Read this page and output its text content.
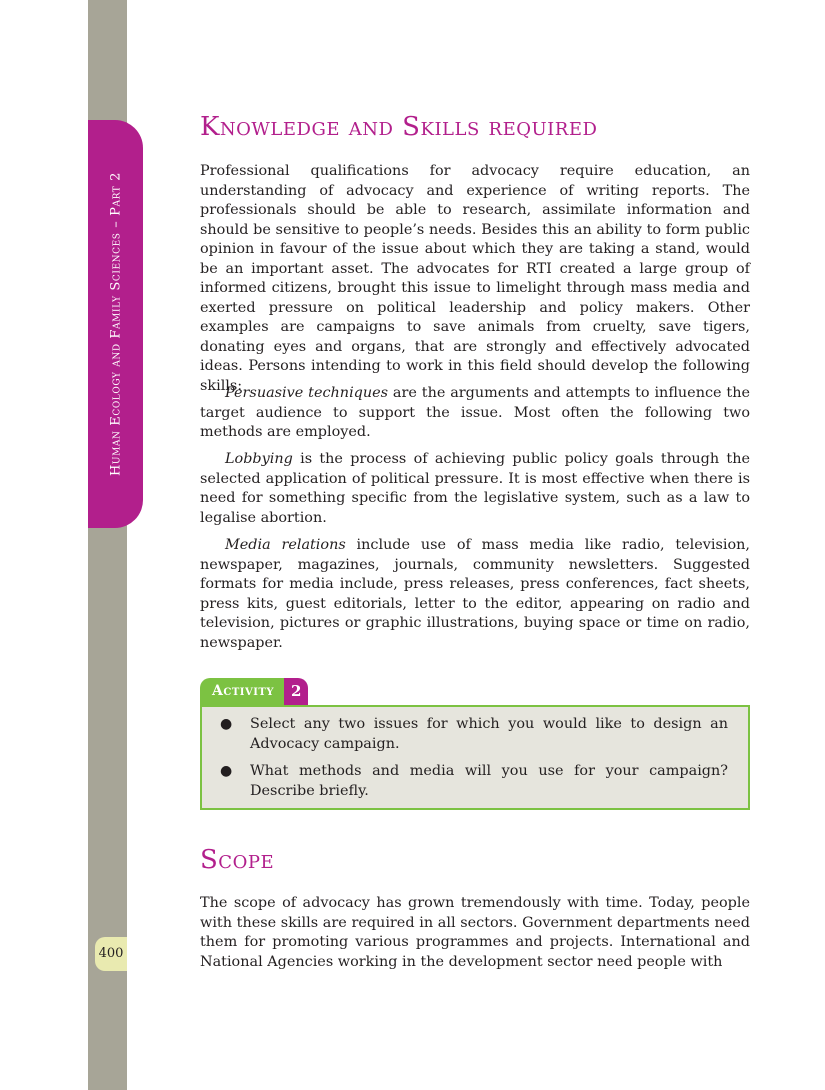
Human Ecology and Family Sciences – Part 2
400
Knowledge and Skills required

Professional qualifications for advocacy require education, an understanding of advocacy and experience of writing reports. The professionals should be able to research, assimilate information and should be sensitive to people’s needs. Besides this an ability to form public opinion in favour of the issue about which they are taking a stand, would be an important asset. The advocates for RTI created a large group of informed citizens, brought this issue to limelight through mass media and exerted pressure on political leadership and policy makers. Other examples are campaigns to save animals from cruelty, save tigers, donating eyes and organs, that are strongly and effectively advocated ideas. Persons intending to work in this field should develop the following skills:

Persuasive techniques are the arguments and attempts to influence the target audience to support the issue. Most often the following two methods are employed.

Lobbying is the process of achieving public policy goals through the selected application of political pressure. It is most effective when there is need for something specific from the legislative system, such as a law to legalise abortion.

Media relations include use of mass media like radio, television, newspaper, magazines, journals, community newsletters. Suggested formats for media include, press releases, press conferences, fact sheets, press kits, guest editorials, letter to the editor, appearing on radio and television, pictures or graphic illustrations, buying space or time on radio, newspaper.

Activity	2
● Select any two issues for which you would like to design an Advocacy campaign.
● What methods and media will you use for your campaign? Describe briefly.
Scope

The scope of advocacy has grown tremendously with time. Today, people with these skills are required in all sectors. Government departments need them for promoting various programmes and projects. International and National Agencies working in the development sector need people with
